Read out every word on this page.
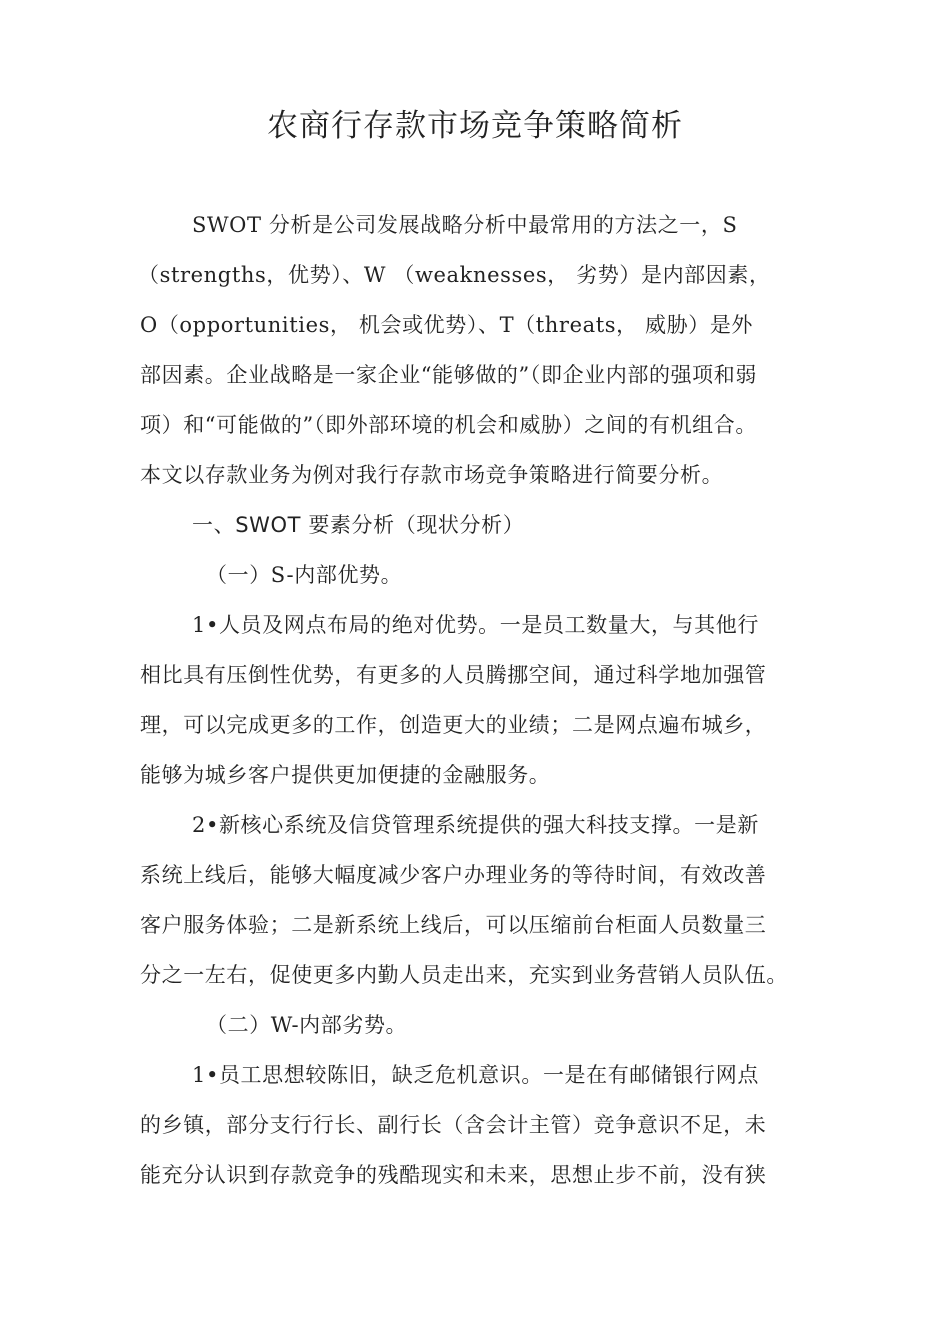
农商行存款市场竞争策略简析
SWOT 分析是公司发展战略分析中最常用的方法之一，S
（strengths，优势）、W （weaknesses， 劣势）是内部因素，
O（opportunities， 机会或优势）、T（threats， 威胁）是外
部因素。企业战略是一家企业“能够做的”（即企业内部的强项和弱
项）和“可能做的”（即外部环境的机会和威胁）之间的有机组合。
本文以存款业务为例对我行存款市场竞争策略进行简要分析。
一、SWOT 要素分析（现状分析）
（一）S-内部优势。
1•人员及网点布局的绝对优势。一是员工数量大，与其他行
相比具有压倒性优势，有更多的人员腾挪空间，通过科学地加强管
理，可以完成更多的工作，创造更大的业绩；二是网点遍布城乡，
能够为城乡客户提供更加便捷的金融服务。
2•新核心系统及信贷管理系统提供的强大科技支撑。一是新
系统上线后，能够大幅度减少客户办理业务的等待时间，有效改善
客户服务体验；二是新系统上线后，可以压缩前台柜面人员数量三
分之一左右，促使更多内勤人员走出来，充实到业务营销人员队伍。
（二）W-内部劣势。
1•员工思想较陈旧，缺乏危机意识。一是在有邮储银行网点
的乡镇，部分支行行长、副行长（含会计主管）竞争意识不足，未
能充分认识到存款竞争的残酷现实和未来，思想止步不前，没有狭
